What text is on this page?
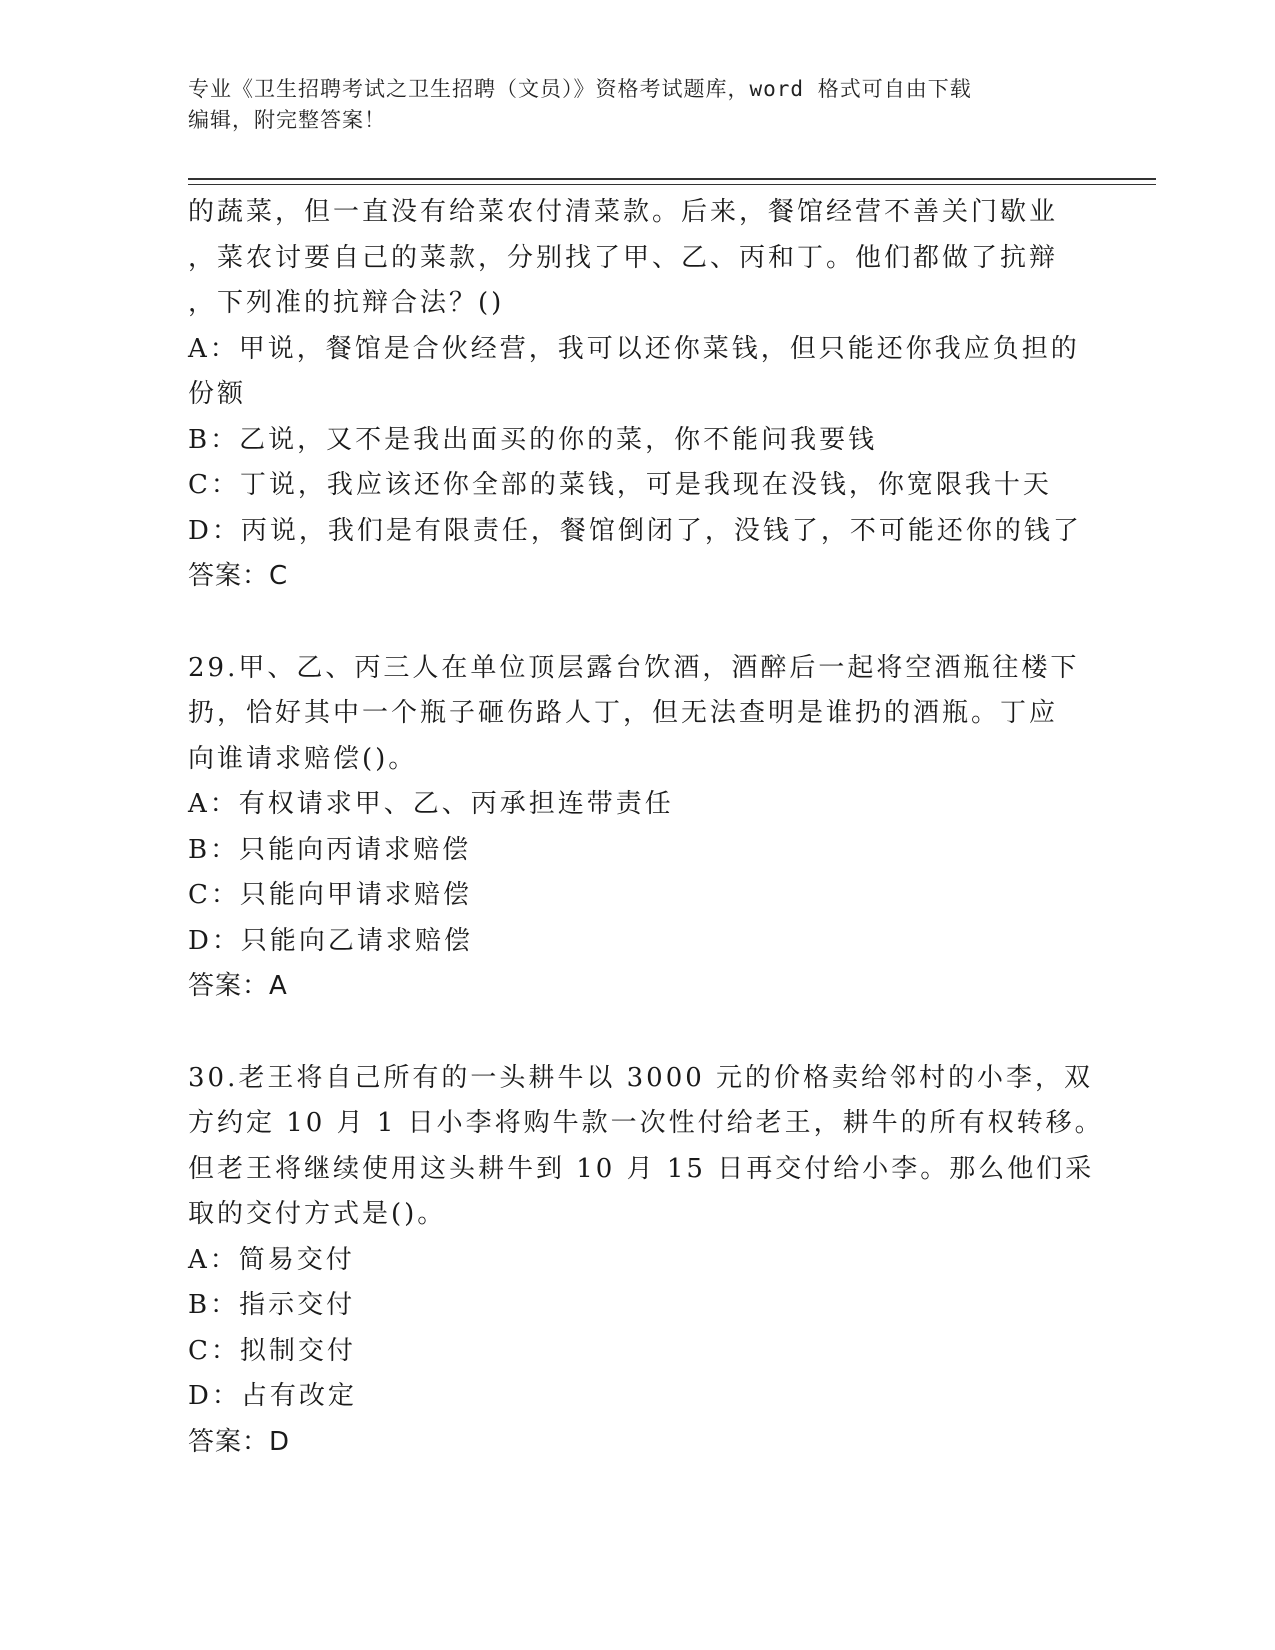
专业《卫生招聘考试之卫生招聘（文员）》资格考试题库，word 格式可自由下载
编辑，附完整答案！
的蔬菜，但一直没有给菜农付清菜款。后来，餐馆经营不善关门歇业
，菜农讨要自己的菜款，分别找了甲、乙、丙和丁。他们都做了抗辩
，下列准的抗辩合法？()
A：甲说，餐馆是合伙经营，我可以还你菜钱，但只能还你我应负担的
份额
B：乙说，又不是我出面买的你的菜，你不能问我要钱
C：丁说，我应该还你全部的菜钱，可是我现在没钱，你宽限我十天
D：丙说，我们是有限责任，餐馆倒闭了，没钱了，不可能还你的钱了
答案：C
29.甲、乙、丙三人在单位顶层露台饮酒，酒醉后一起将空酒瓶往楼下
扔，恰好其中一个瓶子砸伤路人丁，但无法查明是谁扔的酒瓶。丁应
向谁请求赔偿()。
A：有权请求甲、乙、丙承担连带责任
B：只能向丙请求赔偿
C：只能向甲请求赔偿
D：只能向乙请求赔偿
答案：A
30.老王将自己所有的一头耕牛以 3000 元的价格卖给邻村的小李，双
方约定 10 月 1 日小李将购牛款一次性付给老王，耕牛的所有权转移。
但老王将继续使用这头耕牛到 10 月 15 日再交付给小李。那么他们采
取的交付方式是()。
A：简易交付
B：指示交付
C：拟制交付
D：占有改定
答案：D
